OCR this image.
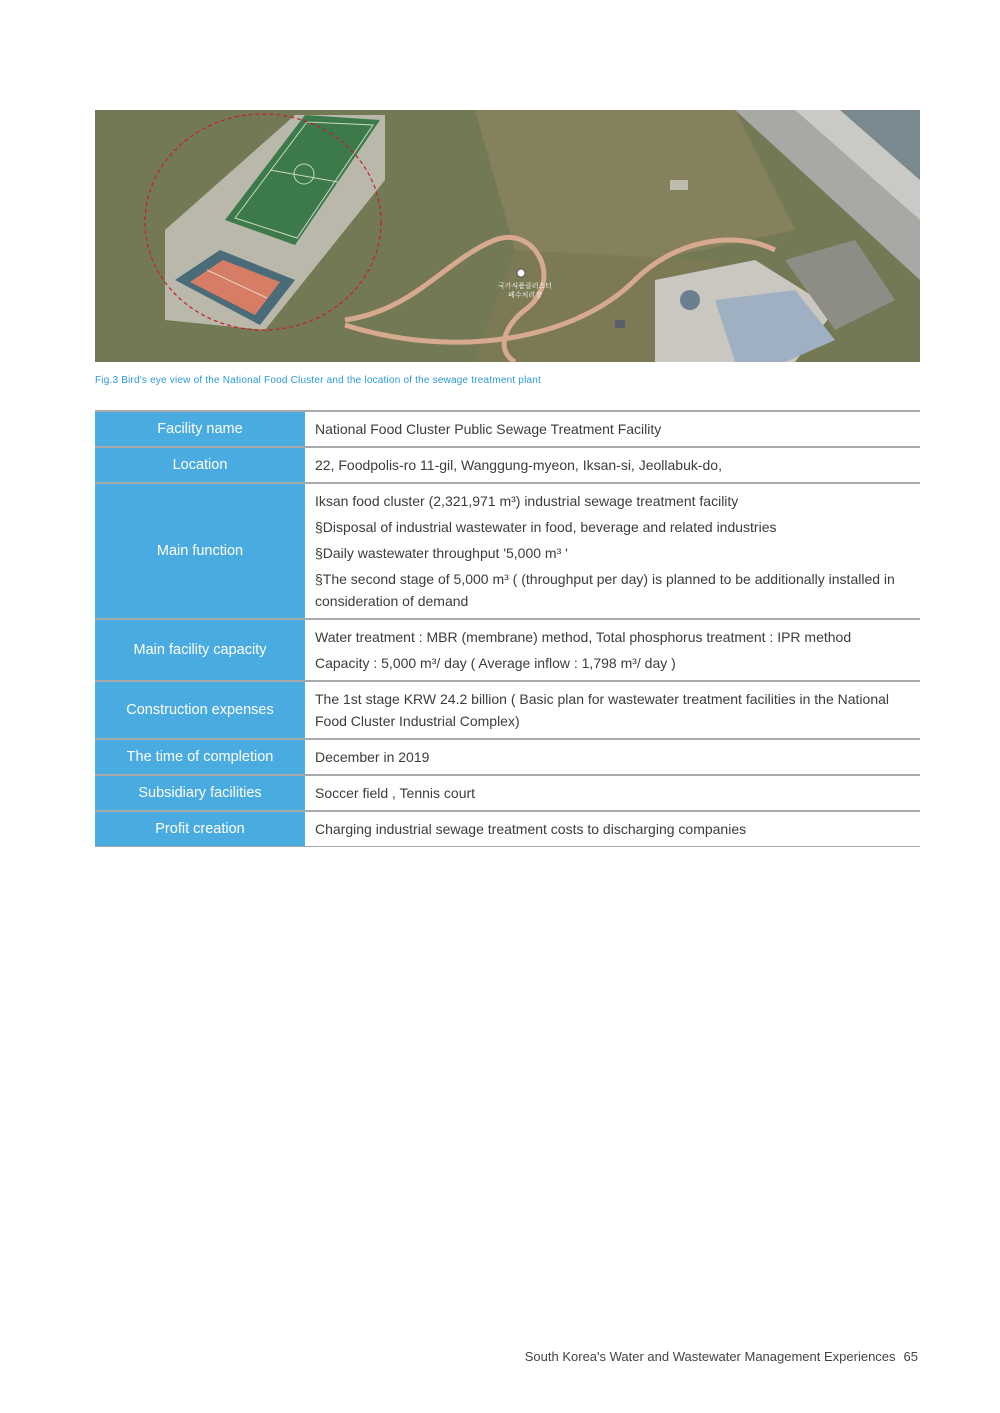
국가식품클러스터
폐수처리장
Fig.3 Bird's eye view of the National Food Cluster and the location of the sewage treatment plant
Facility name	National Food Cluster Public Sewage Treatment Facility

Location	22, Foodpolis-ro 11-gil, Wanggung-myeon, Iksan-si, Jeollabuk-do,

Main function	Iksan food cluster (2,321,971 m³) industrial sewage treatment facility
§Disposal of industrial wastewater in food, beverage and related industries
§Daily wastewater throughput '5,000 m³ '
§The second stage of 5,000 m³ ( (throughput per day) is planned to be additionally installed in consideration of demand

Main facility capacity	Water treatment : MBR (membrane) method, Total phosphorus treatment : IPR method
Capacity : 5,000 m³/ day ( Average inflow : 1,798 m³/ day )

Construction expenses	The 1st stage KRW 24.2 billion ( Basic plan for wastewater treatment facilities in the National Food Cluster Industrial Complex)

The time of completion	December in 2019

Subsidiary facilities	Soccer field , Tennis court

Profit creation	Charging industrial sewage treatment costs to discharging companies
South Korea's Water and Wastewater Management Experiences 65
